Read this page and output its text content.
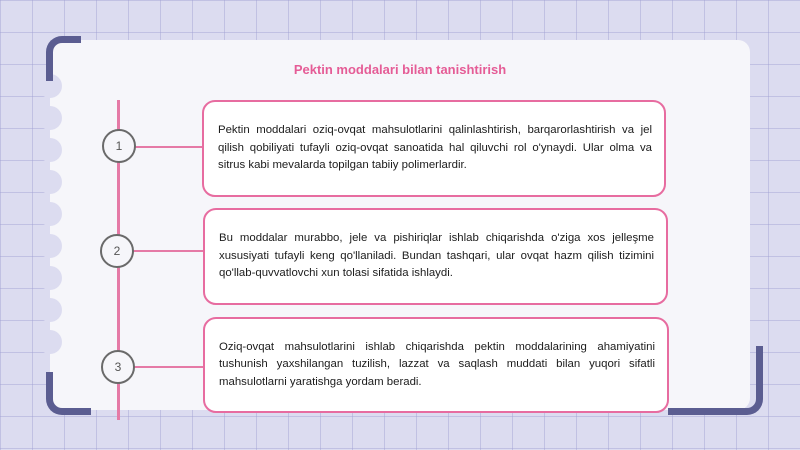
Pektin moddalari bilan tanishtirish
1

Pektin moddalari oziq-ovqat mahsulotlarini qalinlashtirish, barqarorlashtirish va jel qilish qobiliyati tufayli oziq-ovqat sanoatida hal qiluvchi rol o'ynaydi. Ular olma va sitrus kabi mevalarda topilgan tabiiy polimerlardir.

2

Bu moddalar murabbo, jele va pishiriqlar ishlab chiqarishda o'ziga xos jelleşme xususiyati tufayli keng qo'llaniladi. Bundan tashqari, ular ovqat hazm qilish tizimini qo'llab-quvvatlovchi xun tolasi sifatida ishlaydi.

3

Oziq-ovqat mahsulotlarini ishlab chiqarishda pektin moddalarining ahamiyatini tushunish yaxshilangan tuzilish, lazzat va saqlash muddati bilan yuqori sifatli mahsulotlarni yaratishga yordam beradi.
